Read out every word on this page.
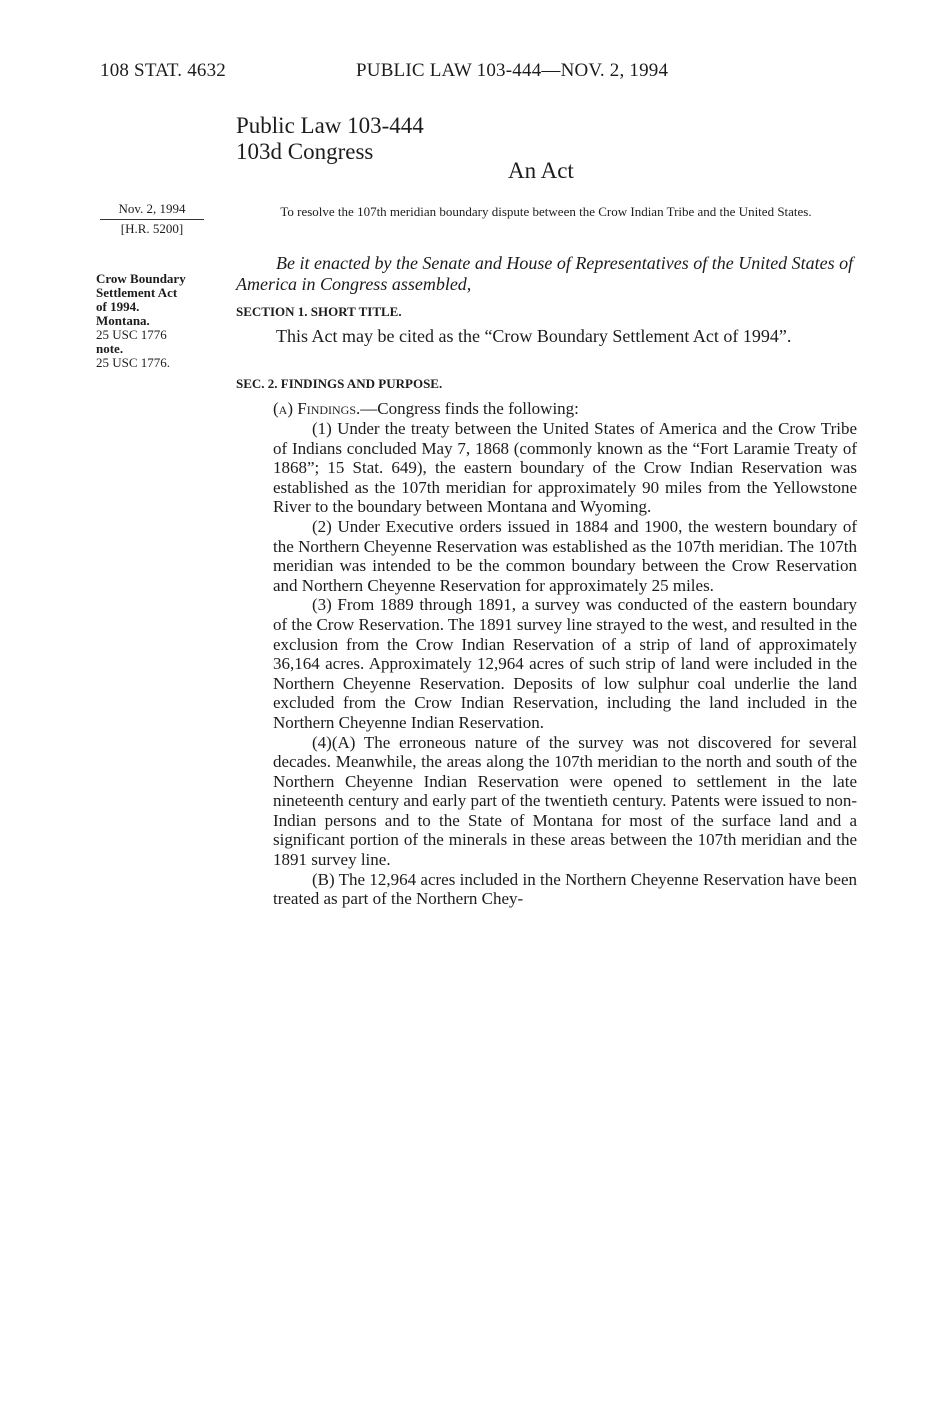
108 STAT. 4632	PUBLIC LAW 103-444—NOV. 2, 1994
Public Law 103-444
103d Congress
An Act
Nov. 2, 1994
[H.R. 5200]
Crow Boundary
Settlement Act
of 1994.
Montana.
25 USC 1776
note.
25 USC 1776.
To resolve the 107th meridian boundary dispute between the Crow Indian Tribe and the United States.
Be it enacted by the Senate and House of Representatives of the United States of America in Congress assembled,
SECTION 1. SHORT TITLE.
This Act may be cited as the “Crow Boundary Settlement Act of 1994”.
SEC. 2. FINDINGS AND PURPOSE.

(a) Findings.—Congress finds the following:

(1) Under the treaty between the United States of America and the Crow Tribe of Indians concluded May 7, 1868 (commonly known as the “Fort Laramie Treaty of 1868”; 15 Stat. 649), the eastern boundary of the Crow Indian Reservation was established as the 107th meridian for approximately 90 miles from the Yellowstone River to the boundary between Montana and Wyoming.

(2) Under Executive orders issued in 1884 and 1900, the western boundary of the Northern Cheyenne Reservation was established as the 107th meridian. The 107th meridian was intended to be the common boundary between the Crow Reservation and Northern Cheyenne Reservation for approximately 25 miles.

(3) From 1889 through 1891, a survey was conducted of the eastern boundary of the Crow Reservation. The 1891 survey line strayed to the west, and resulted in the exclusion from the Crow Indian Reservation of a strip of land of approximately 36,164 acres. Approximately 12,964 acres of such strip of land were included in the Northern Cheyenne Reservation. Deposits of low sulphur coal underlie the land excluded from the Crow Indian Reservation, including the land included in the Northern Cheyenne Indian Reservation.

(4)(A) The erroneous nature of the survey was not discovered for several decades. Meanwhile, the areas along the 107th meridian to the north and south of the Northern Cheyenne Indian Reservation were opened to settlement in the late nineteenth century and early part of the twentieth century. Patents were issued to non-Indian persons and to the State of Montana for most of the surface land and a significant portion of the minerals in these areas between the 107th meridian and the 1891 survey line.

(B) The 12,964 acres included in the Northern Cheyenne Reservation have been treated as part of the Northern Chey-
